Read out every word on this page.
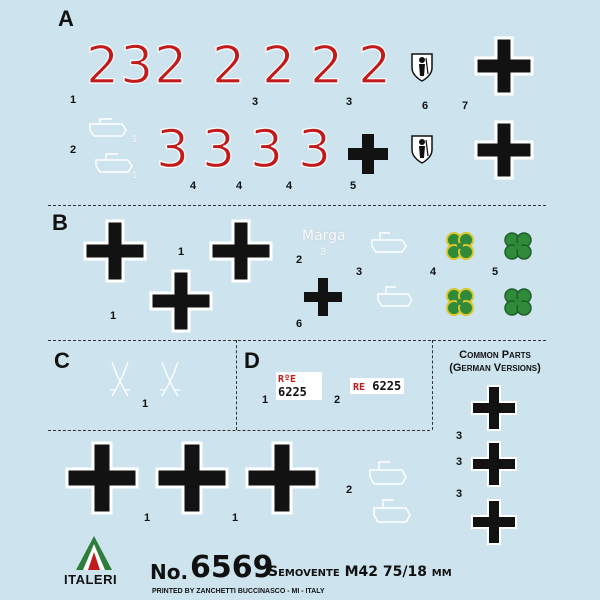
A
232 2 2 2 2
3 3 3 3
1
1
1	3	3	6	7
2
4	4	4	5
B
Marga
3
1
1
2
3	4	5
6
C
1
D
RºE
6225	RE 6225
1	2
Common Parts
(German Versions)
3
3
3
1	1
2
ITALERI No. 6569
Semovente M42 75/18 mm
PRINTED BY ZANCHETTI BUCCINASCO - MI - ITALY
